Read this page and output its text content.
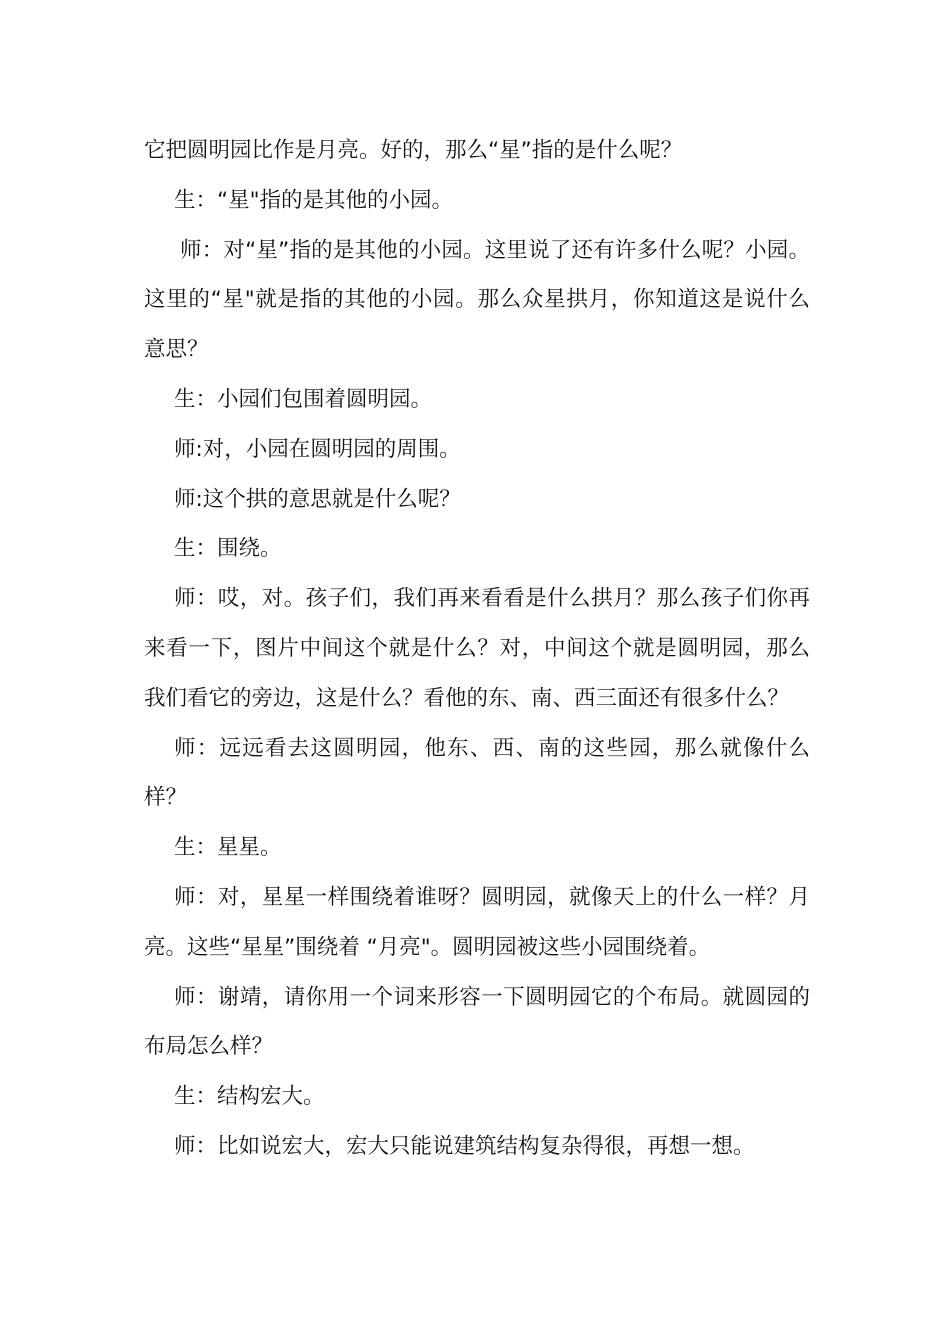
它把圆明园比作是月亮。好的，那么“星”指的是什么呢？

生：“星"指的是其他的小园。

师：对“星”指的是其他的小园。这里说了还有许多什么呢？小园。这里的“星"就是指的其他的小园。那么众星拱月，你知道这是说什么意思？

生：小园们包围着圆明园。

师:对，小园在圆明园的周围。

师:这个拱的意思就是什么呢？

生：围绕。

师：哎，对。孩子们，我们再来看看是什么拱月？那么孩子们你再来看一下，图片中间这个就是什么？对，中间这个就是圆明园，那么我们看它的旁边，这是什么？看他的东、南、西三面还有很多什么？

师：远远看去这圆明园，他东、西、南的这些园，那么就像什么样？

生：星星。

师：对，星星一样围绕着谁呀？圆明园，就像天上的什么一样？月亮。这些“星星”围绕着 “月亮"。圆明园被这些小园围绕着。

师：谢靖，请你用一个词来形容一下圆明园它的个布局。就圆园的布局怎么样？

生：结构宏大。

师：比如说宏大，宏大只能说建筑结构复杂得很，再想一想。
